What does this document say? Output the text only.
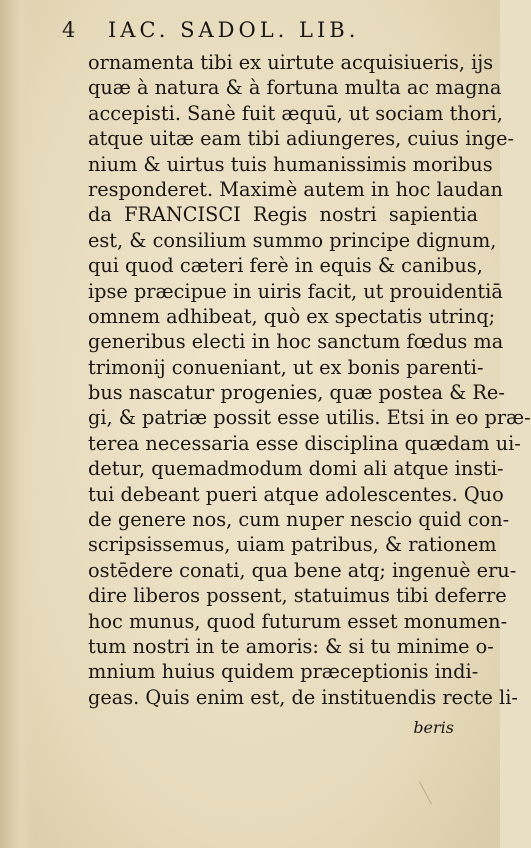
4 IAC. SADOL. LIB.
ornamenta tibi ex uirtute acquisiueris, ijs
quæ à natura & à fortuna multa ac magna
accepisti. Sanè fuit æquū, ut sociam thori,
atque uitæ eam tibi adiungeres, cuius inge-
nium & uirtus tuis humanissimis moribus
responderet. Maximè autem in hoc laudan
da FRANCISCI Regis nostri sapientia
est, & consilium summo principe dignum,
qui quod cæteri ferè in equis & canibus,
ipse præcipue in uiris facit, ut prouidentiā
omnem adhibeat, quò ex spectatis utrinq;
generibus electi in hoc sanctum fœdus ma
trimonij conueniant, ut ex bonis parenti-
bus nascatur progenies, quæ postea & Re-
gi, & patriæ possit esse utilis. Etsi in eo præ-
terea necessaria esse disciplina quædam ui-
detur, quemadmodum domi ali atque insti-
tui debeant pueri atque adolescentes. Quo
de genere nos, cum nuper nescio quid con-
scripsissemus, uiam patribus, & rationem
ostēdere conati, qua bene atq; ingenuè eru-
dire liberos possent, statuimus tibi deferre
hoc munus, quod futurum esset monumen-
tum nostri in te amoris: & si tu minime o-
mnium huius quidem præceptionis indi-
geas. Quis enim est, de instituendis recte li-
beris
